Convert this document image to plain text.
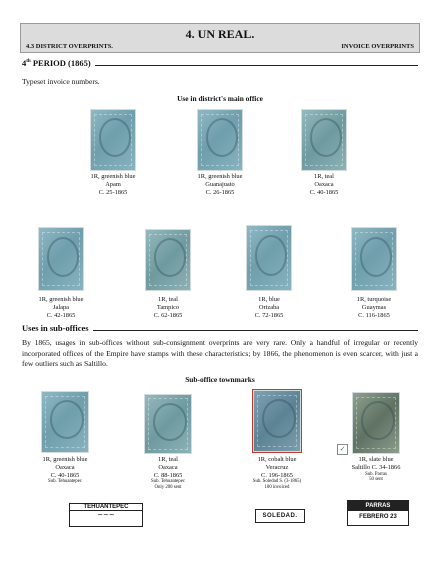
4. UN REAL.
4.3 DISTRICT OVERPRINTS.	INVOICE OVERPRINTS
4th PERIOD (1865)
Typeset invoice numbers.
Use in district's main office
1R, greenish blue
Apam
C. 25-1865
1R, greenish blue
Guanajuato
C. 26-1865
1R, teal
Oaxaca
C. 40-1865
1R, greenish blue
Jalapa
C. 42-1865
1R, teal
Tampico
C. 62-1865
1R, blue
Orizaba
C. 72-1865
1R, turquoise
Guaymas
C. 116-1865
Uses in sub-offices
By 1865, usages in sub-offices without sub-consignment overprints are very rare. Only a handful of irregular or recently incorporated offices of the Empire have stamps with these characteristics; by 1866, the phenomenon is even scarcer, with just a few outliers such as Saltillo.
Sub-office townmarks
1R, greenish blue
Oaxaca
C. 40-1865
Sub. Tehuantepec
1R, teal
Oaxaca
C. 88-1865
Sub. Tehuantepec
Only 200 sent
1R, cobalt blue
Veracruz
C. 196-1865
Sub. Soledad S. (3-1865)
100 invoiced
✓
1R, slate blue
Saltillo C. 34-1866
Sub. Parras
50 sent
TEHUANTEPEC
~~~	SOLEDAD.
PARRAS
FEBRERO 23
